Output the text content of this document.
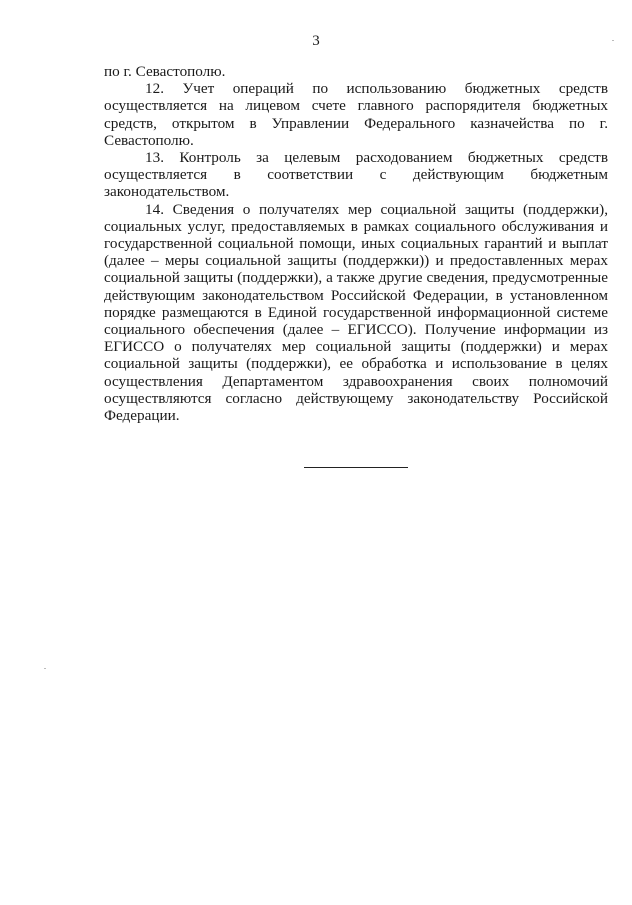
3

по г. Севастополю.

12. Учет операций по использованию бюджетных средств осуществляется на лицевом счете главного распорядителя бюджетных средств, открытом в Управлении Федерального казначейства по г. Севастополю.

13. Контроль за целевым расходованием бюджетных средств осуществляется в соответствии с действующим бюджетным законодательством.

14. Сведения о получателях мер социальной защиты (поддержки), социальных услуг, предоставляемых в рамках социального обслуживания и государственной социальной помощи, иных социальных гарантий и выплат (далее – меры социальной защиты (поддержки)) и предоставленных мерах социальной защиты (поддержки), а также другие сведения, предусмотренные действующим законодательством Российской Федерации, в установленном порядке размещаются в Единой государственной информационной системе социального обеспечения (далее – ЕГИССО). Получение информации из ЕГИССО о получателях мер социальной защиты (поддержки) и мерах социальной защиты (поддержки), ее обработка и использование в целях осуществления Департаментом здравоохранения своих полномочий осуществляются согласно действующему законодательству Российской Федерации.
